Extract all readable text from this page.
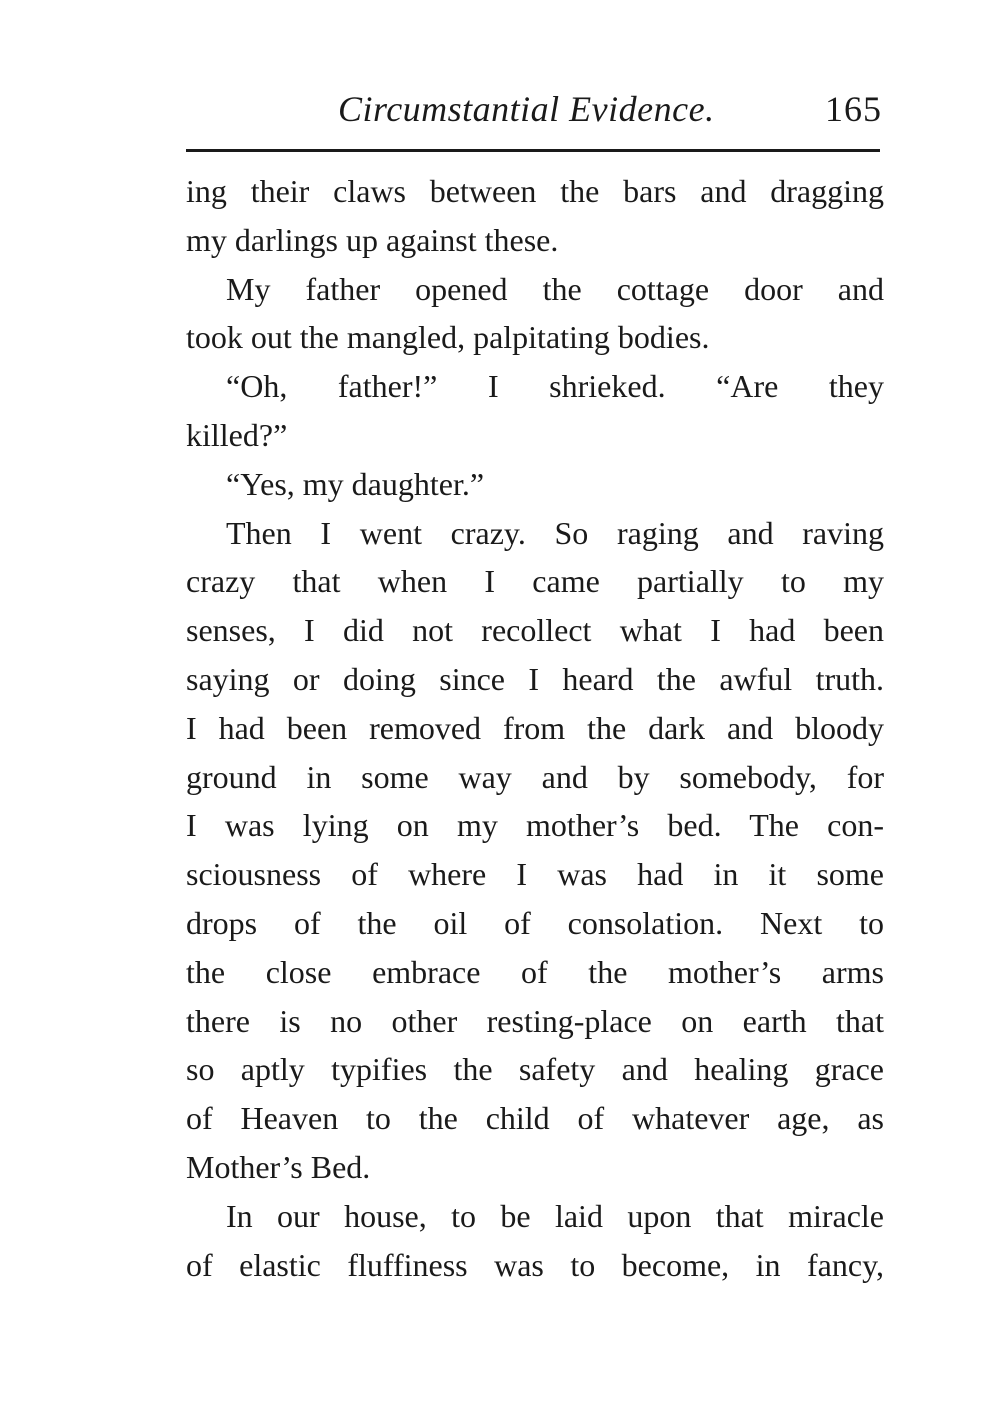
Circumstantial Evidence.	165
ing their claws between the bars and dragging
my darlings up against these.
My father opened the cottage door and
took out the mangled, palpitating bodies.
“Oh, father!” I shrieked. “Are they
killed?”
“Yes, my daughter.”
Then I went crazy. So raging and raving
crazy that when I came partially to my
senses, I did not recollect what I had been
saying or doing since I heard the awful truth.
I had been removed from the dark and bloody
ground in some way and by somebody, for
I was lying on my mother’s bed. The con-
sciousness of where I was had in it some
drops of the oil of consolation. Next to
the close embrace of the mother’s arms
there is no other resting-place on earth that
so aptly typifies the safety and healing grace
of Heaven to the child of whatever age, as
Mother’s Bed.
In our house, to be laid upon that miracle
of elastic fluffiness was to become, in fancy,
